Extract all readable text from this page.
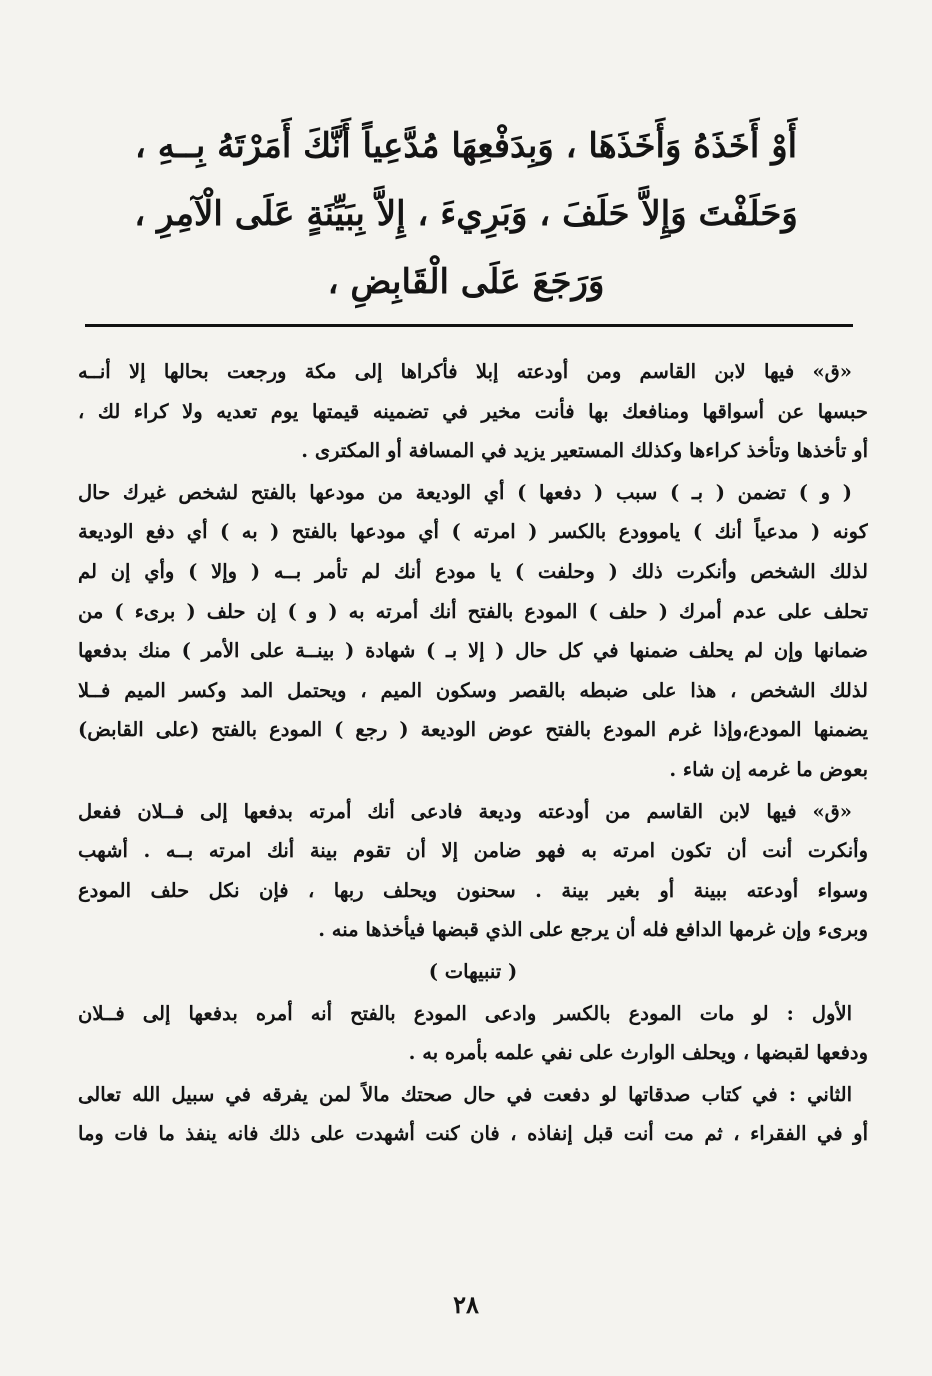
أَوْ أَخَذَهُ وَأَخَذَهَا ، وَبِدَفْعِهَا مُدَّعِياً أَنَّكَ أَمَرْتَهُ بِــهِ ،
وَحَلَفْتَ وَإِلاَّ حَلَفَ ، وَبَرِيءَ ، إِلاَّ بِبَيِّنَةٍ عَلَى الْآمِرِ ،
وَرَجَعَ عَلَى الْقَابِضِ ،
«ق» فيها لابن القاسم ومن أودعته إبلا فأكراها إلى مكة ورجعت بحالها إلا أنــه
حبسها عن أسواقها ومنافعك بها فأنت مخير في تضمينه قيمتها يوم تعديه ولا كراء لك ،
أو تأخذها وتأخذ كراءها وكذلك المستعير يزيد في المسافة أو المكترى .
( و ) تضمن ( بـ ) سبب ( دفعها ) أي الوديعة من مودعها بالفتح لشخص غيرك حال
كونه ( مدعياً أنك ) ياموودع بالكسر ( امرته ) أي مودعها بالفتح ( به ) أي دفع الوديعة
لذلك الشخص وأنكرت ذلك ( وحلفت ) يا مودع أنك لم تأمر بــه ( وإلا ) وأي إن لم
تحلف على عدم أمرك ( حلف ) المودع بالفتح أنك أمرته به ( و ) إن حلف ( برىء ) من
ضمانها وإن لم يحلف ضمنها في كل حال ( إلا بـ ) شهادة ( بينــة على الأمر ) منك بدفعها
لذلك الشخص ، هذا على ضبطه بالقصر وسكون الميم ، ويحتمل المد وكسر الميم فــلا
يضمنها المودع،وإذا غرم المودع بالفتح عوض الوديعة ( رجع ) المودع بالفتح (على القابض)
بعوض ما غرمه إن شاء .
«ق» فيها لابن القاسم من أودعته وديعة فادعى أنك أمرته بدفعها إلى فــلان ففعل
وأنكرت أنت أن تكون امرته به فهو ضامن إلا أن تقوم بينة أنك امرته بــه . أشهب
وسواء أودعته ببينة أو بغير بينة . سحنون ويحلف ربها ، فإن نكل حلف المودع
وبرىء وإن غرمها الدافع فله أن يرجع على الذي قبضها فيأخذها منه .
( تنبيهات )
الأول : لو مات المودع بالكسر وادعى المودع بالفتح أنه أمره بدفعها إلى فــلان
ودفعها لقبضها ، ويحلف الوارث على نفي علمه بأمره به .
الثاني : في كتاب صدقاتها لو دفعت في حال صحتك مالاً لمن يفرقه في سبيل الله تعالى
أو في الفقراء ، ثم مت أنت قبل إنفاذه ، فان كنت أشهدت على ذلك فانه ينفذ ما فات وما
٢٨
